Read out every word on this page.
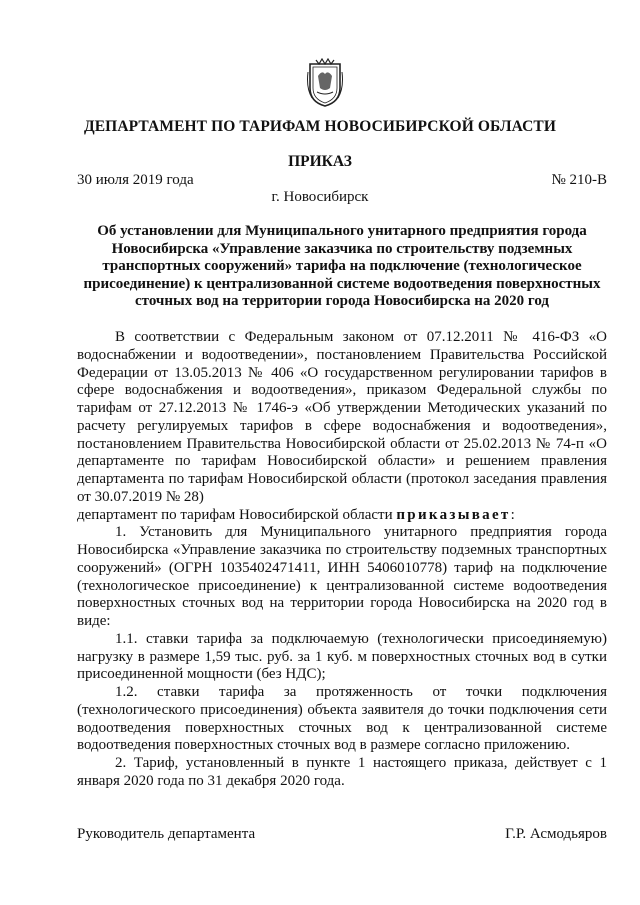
ДЕПАРТАМЕНТ ПО ТАРИФАМ НОВОСИБИРСКОЙ ОБЛАСТИ
ПРИКАЗ
30 июля 2019 года	№ 210-В
г. Новосибирск
Об установлении для Муниципального унитарного предприятия города Новосибирска «Управление заказчика по строительству подземных транспортных сооружений» тарифа на подключение (технологическое присоединение) к централизованной системе водоотведения поверхностных сточных вод на территории города Новосибирска на 2020 год

В соответствии с Федеральным законом от 07.12.2011 № 416-ФЗ «О водоснабжении и водоотведении», постановлением Правительства Российской Федерации от 13.05.2013 № 406 «О государственном регулировании тарифов в сфере водоснабжения и водоотведения», приказом Федеральной службы по тарифам от 27.12.2013 № 1746-э «Об утверждении Методических указаний по расчету регулируемых тарифов в сфере водоснабжения и водоотведения», постановлением Правительства Новосибирской области от 25.02.2013 № 74-п «О департаменте по тарифам Новосибирской области» и решением правления департамента по тарифам Новосибирской области (протокол заседания правления от 30.07.2019 № 28)

департамент по тарифам Новосибирской области приказывает:

1. Установить для Муниципального унитарного предприятия города Новосибирска «Управление заказчика по строительству подземных транспортных сооружений» (ОГРН 1035402471411, ИНН 5406010778) тариф на подключение (технологическое присоединение) к централизованной системе водоотведения поверхностных сточных вод на территории города Новосибирска на 2020 год в виде:

1.1. ставки тарифа за подключаемую (технологически присоединяемую) нагрузку в размере 1,59 тыс. руб. за 1 куб. м поверхностных сточных вод в сутки присоединенной мощности (без НДС);

1.2. ставки тарифа за протяженность от точки подключения (технологического присоединения) объекта заявителя до точки подключения сети водоотведения поверхностных сточных вод к централизованной системе водоотведения поверхностных сточных вод в размере согласно приложению.

2. Тариф, установленный в пункте 1 настоящего приказа, действует с 1 января 2020 года по 31 декабря 2020 года.

Руководитель департамента	Г.Р. Асмодьяров
